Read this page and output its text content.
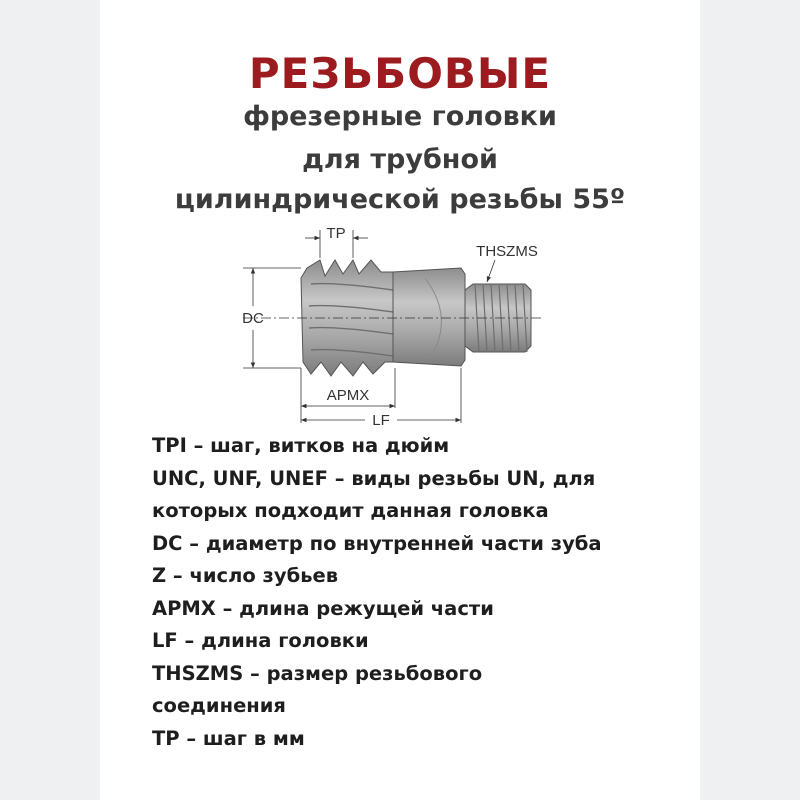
РЕЗЬБОВЫЕ

фрезерные головки

для трубной

цилиндрической резьбы 55º

TP
THSZMS
DC
APMX
LF
TPI – шаг, витков на дюйм
UNC, UNF, UNEF – виды резьбы UN, для
которых подходит данная головка
DC – диаметр по внутренней части зуба
Z – число зубьев
APMX – длина режущей части
LF – длина головки
THSZMS – размер резьбового
соединения
TP – шаг в мм
